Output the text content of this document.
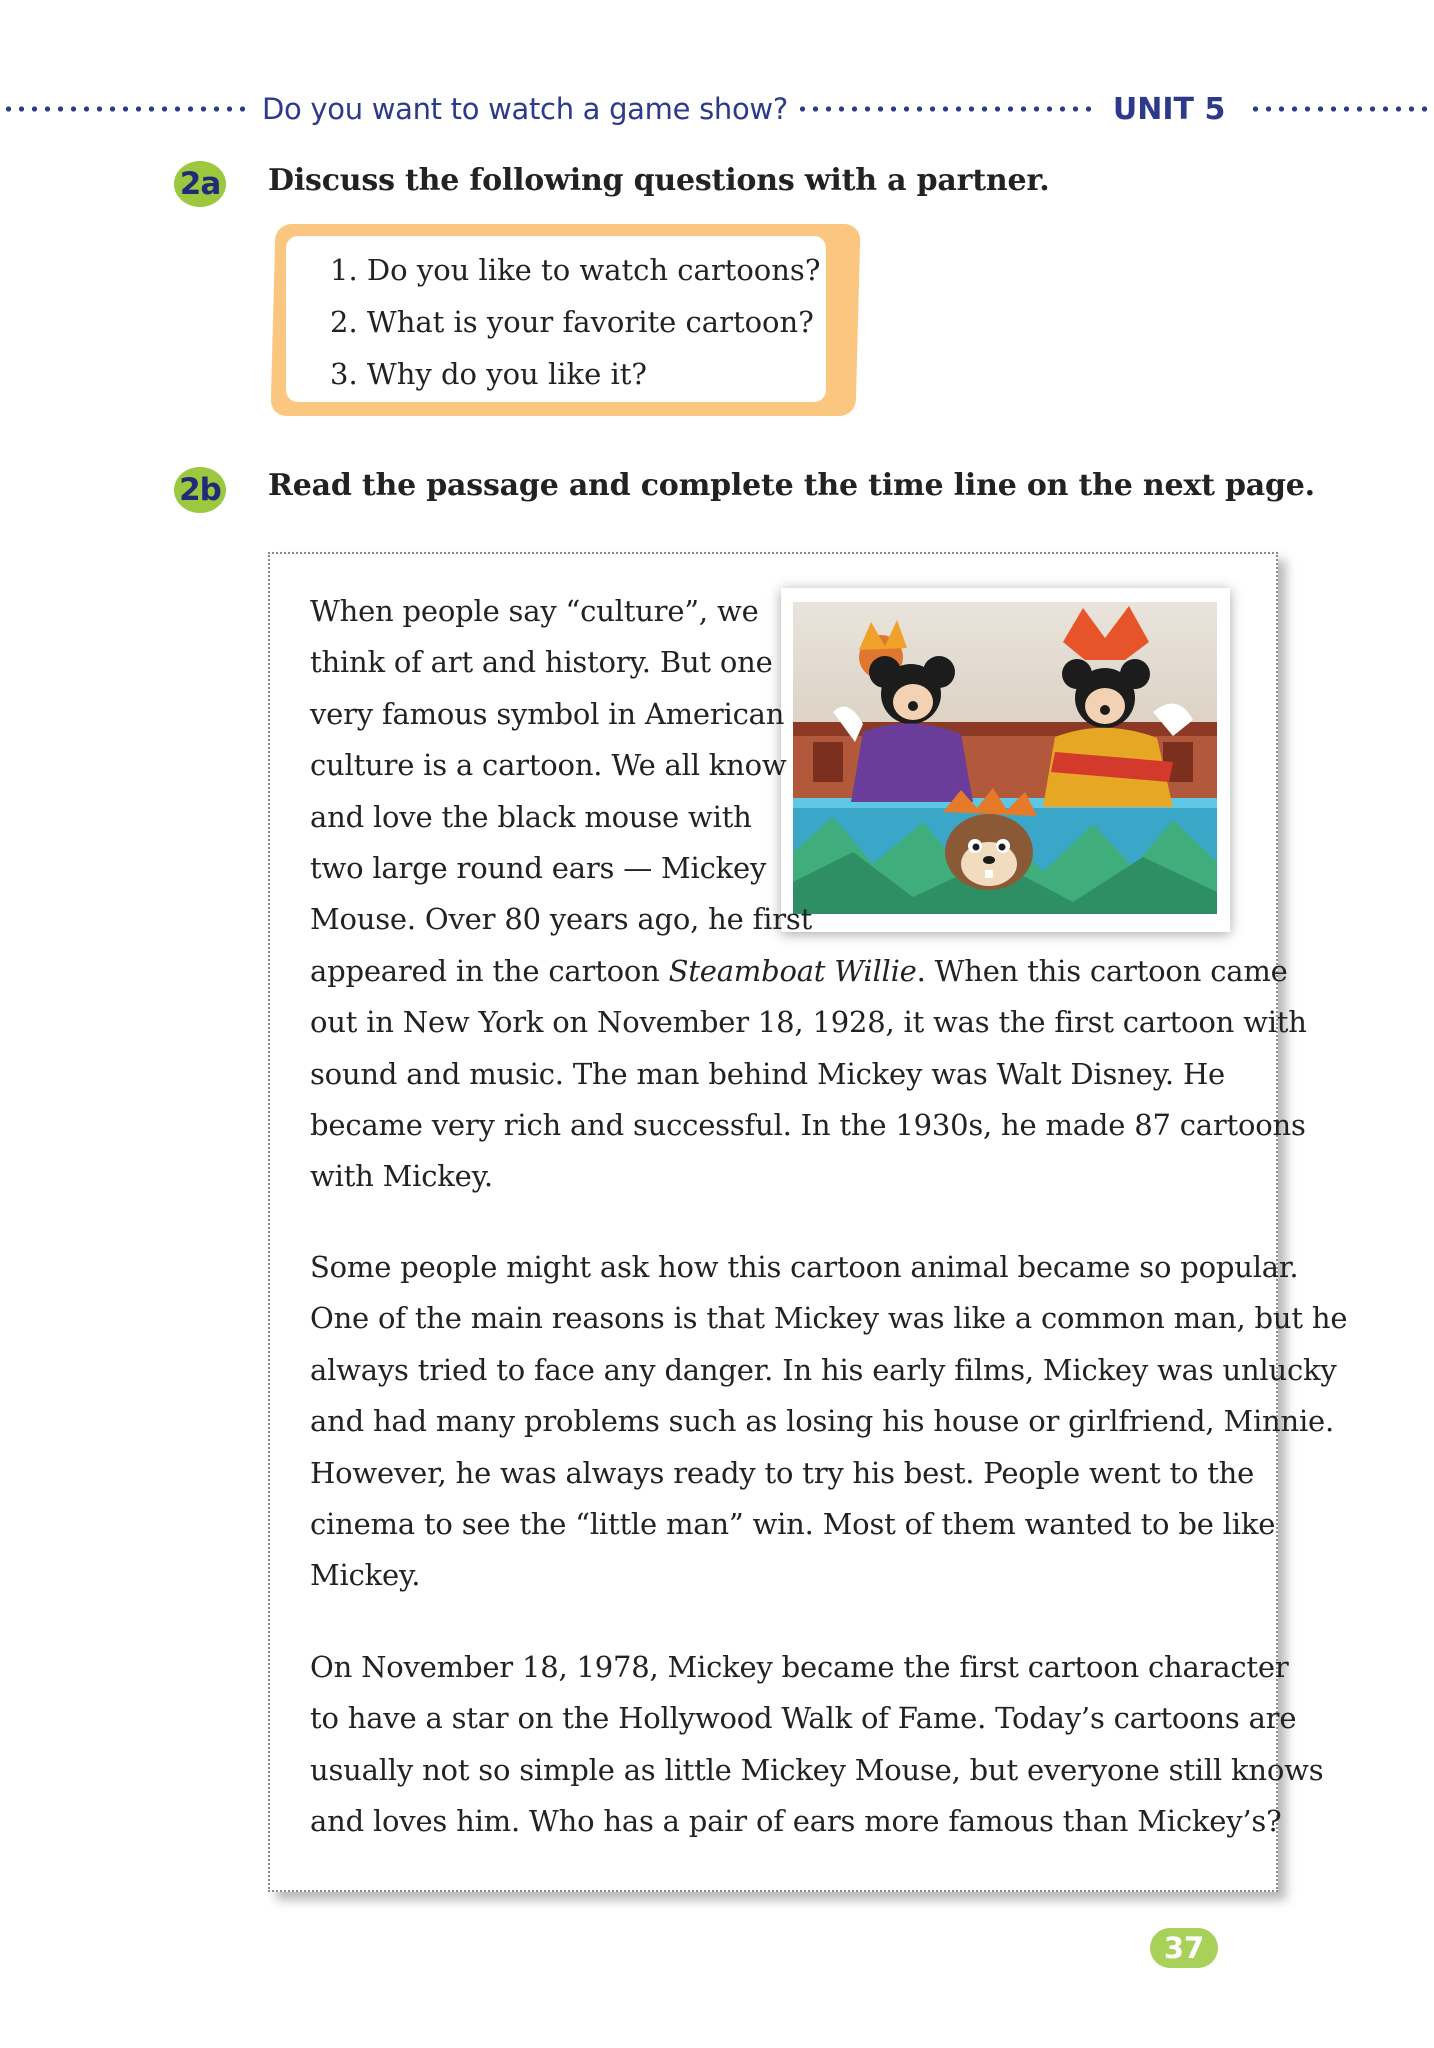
Do you want to watch a game show?	UNIT 5
2a Discuss the following questions with a partner.
1. Do you like to watch cartoons?
2. What is your favorite cartoon?
3. Why do you like it?
2b Read the passage and complete the time line on the next page.
When people say “culture”, we
think of art and history. But one
very famous symbol in American
culture is a cartoon. We all know
and love the black mouse with
two large round ears — Mickey
Mouse. Over 80 years ago, he first
appeared in the cartoon Steamboat Willie. When this cartoon came
out in New York on November 18, 1928, it was the first cartoon with
sound and music. The man behind Mickey was Walt Disney. He
became very rich and successful. In the 1930s, he made 87 cartoons
with Mickey.
Some people might ask how this cartoon animal became so popular.
One of the main reasons is that Mickey was like a common man, but he
always tried to face any danger. In his early films, Mickey was unlucky
and had many problems such as losing his house or girlfriend, Minnie.
However, he was always ready to try his best. People went to the
cinema to see the “little man” win. Most of them wanted to be like
Mickey.
On November 18, 1978, Mickey became the first cartoon character
to have a star on the Hollywood Walk of Fame. Today’s cartoons are
usually not so simple as little Mickey Mouse, but everyone still knows
and loves him. Who has a pair of ears more famous than Mickey’s?
37
